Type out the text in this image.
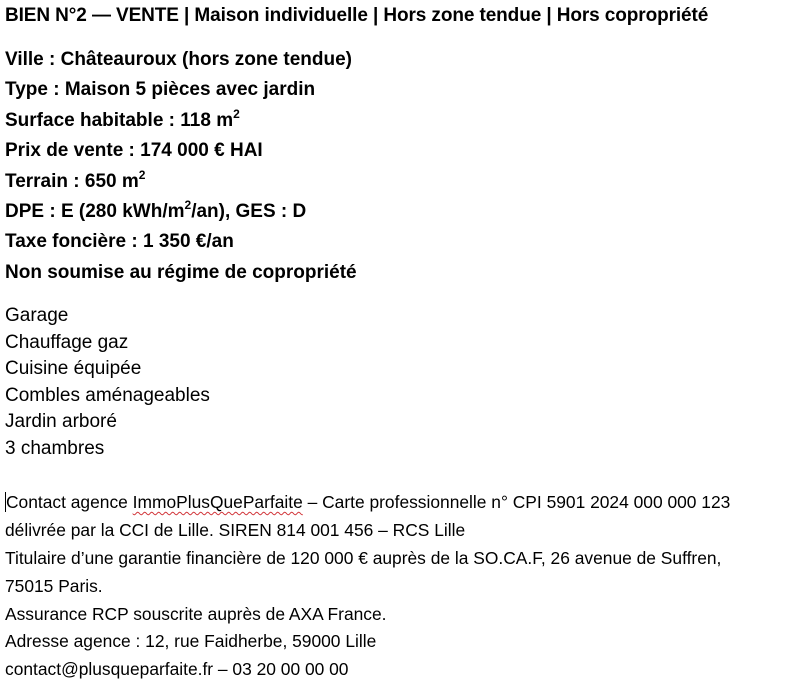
BIEN N°2 — VENTE | Maison individuelle | Hors zone tendue | Hors copropriété
Ville : Châteauroux (hors zone tendue)
Type : Maison 5 pièces avec jardin
Surface habitable : 118 $m^2$
Prix de vente : 174 000 € HAI
Terrain : 650 $m^2$
DPE : E (280 kWh/$m^2/an$), GES : D
Taxe foncière : 1 350 €/an
Non soumise au régime de copropriété
Garage
Chauffage gaz
Cuisine équipée
Combles aménageables
Jardin arboré
3 chambres
Contact agence ImmoPlusQueParfaite – Carte professionnelle n° CPI 5901 2024 000 000 123
délivrée par la CCI de Lille. SIREN 814 001 456 – RCS Lille
Titulaire d’une garantie financière de 120 000 € auprès de la SO.CA.F, 26 avenue de Suffren,
75015 Paris.
Assurance RCP souscrite auprès de AXA France.
Adresse agence : 12, rue Faidherbe, 59000 Lille
contact@plusqueparfaite.fr – 03 20 00 00 00
